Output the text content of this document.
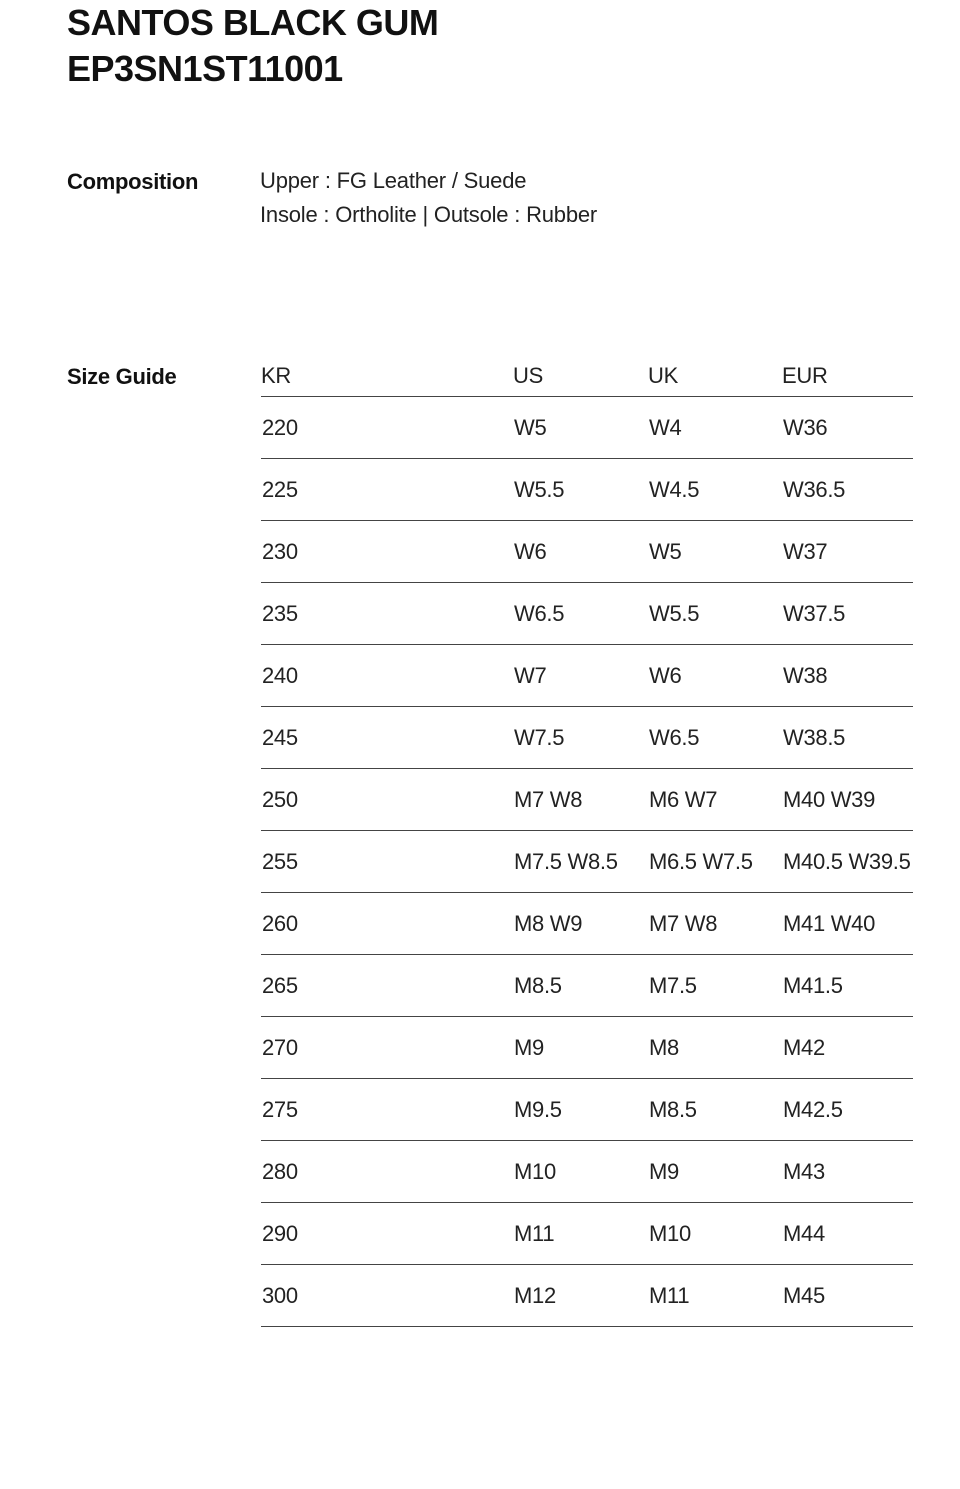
SANTOS BLACK GUM
EP3SN1ST11001
Composition	Upper : FG Leather / Suede
Insole : Ortholite | Outsole : Rubber
Size Guide	KR	US	UK	EUR
220	W5	W4	W36
225	W5.5	W4.5	W36.5
230	W6	W5	W37
235	W6.5	W5.5	W37.5
240	W7	W6	W38
245	W7.5	W6.5	W38.5
250	M7 W8	M6 W7	M40 W39
255	M7.5 W8.5	M6.5 W7.5	M40.5 W39.5
260	M8 W9	M7 W8	M41 W40
265	M8.5	M7.5	M41.5
270	M9	M8	M42
275	M9.5	M8.5	M42.5
280	M10	M9	M43
290	M11	M10	M44
300	M12	M11	M45
